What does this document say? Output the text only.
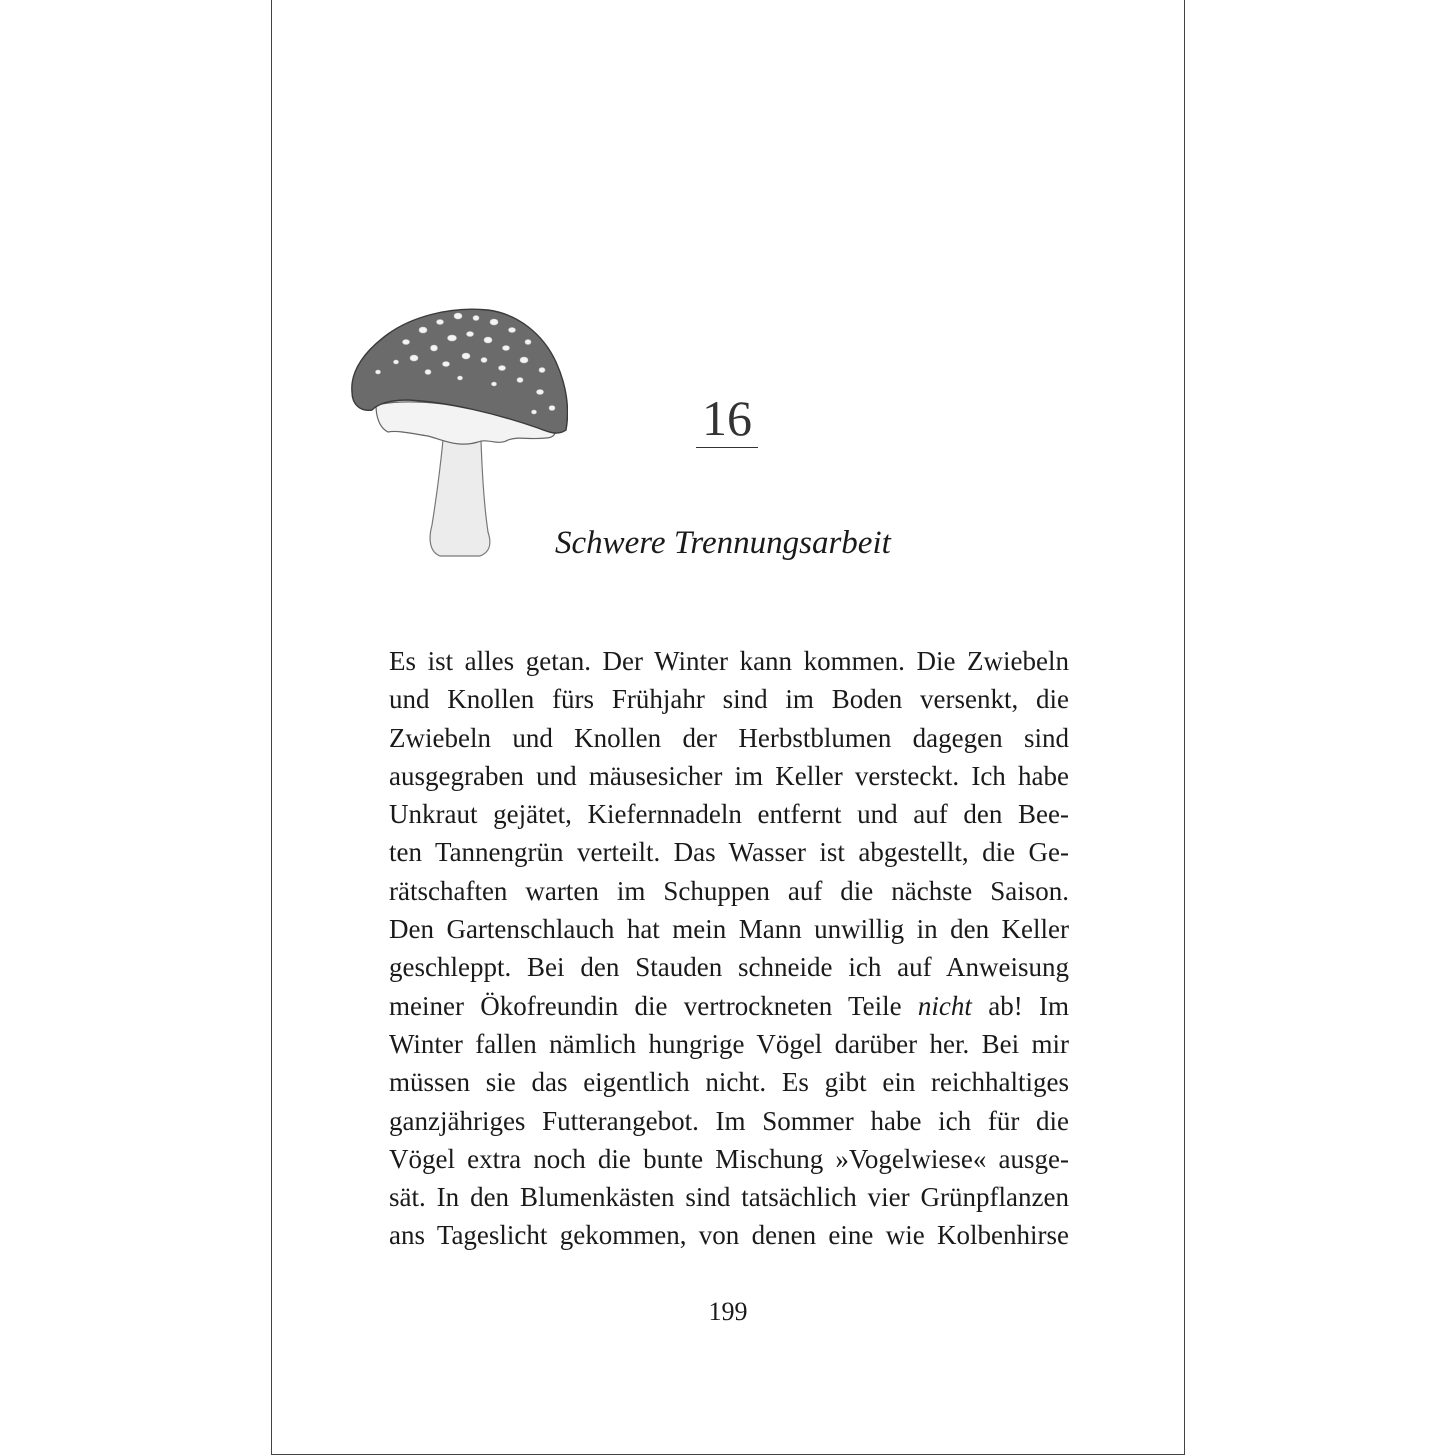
16
Schwere Trennungsarbeit
Es ist alles getan. Der Winter kann kommen. Die Zwiebeln
und Knollen fürs Frühjahr sind im Boden versenkt, die
Zwiebeln und Knollen der Herbstblumen dagegen sind
ausgegraben und mäusesicher im Keller versteckt. Ich habe
Unkraut gejätet, Kiefernnadeln entfernt und auf den Bee-
ten Tannengrün verteilt. Das Wasser ist abgestellt, die Ge-
rätschaften warten im Schuppen auf die nächste Saison.
Den Gartenschlauch hat mein Mann unwillig in den Keller
geschleppt. Bei den Stauden schneide ich auf Anweisung
meiner Ökofreundin die vertrockneten Teile nicht ab! Im
Winter fallen nämlich hungrige Vögel darüber her. Bei mir
müssen sie das eigentlich nicht. Es gibt ein reichhaltiges
ganzjähriges Futterangebot. Im Sommer habe ich für die
Vögel extra noch die bunte Mischung »Vogelwiese« ausge-
sät. In den Blumenkästen sind tatsächlich vier Grünpflanzen
ans Tageslicht gekommen, von denen eine wie Kolbenhirse
199
